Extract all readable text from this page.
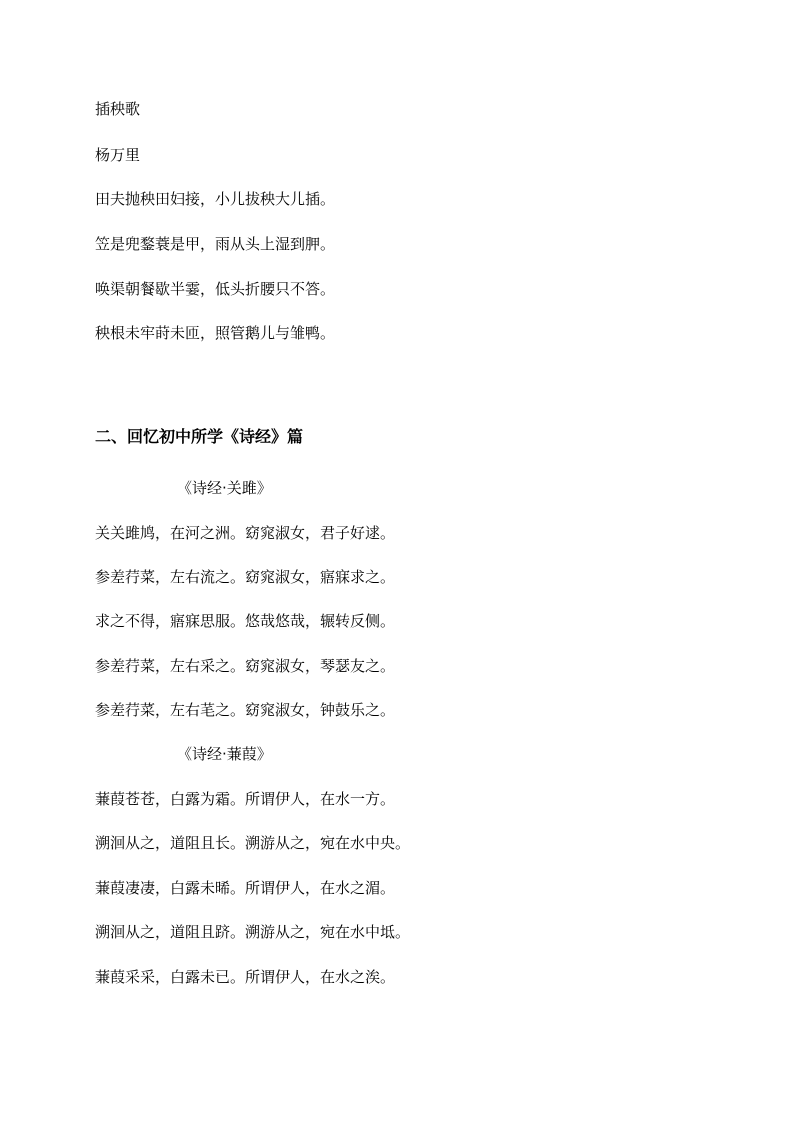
插秧歌

杨万里

田夫抛秧田妇接，小儿拔秧大儿插。

笠是兜鍪蓑是甲，雨从头上湿到胛。

唤渠朝餐歇半霎，低头折腰只不答。

秧根未牢莳未匝，照管鹅儿与雏鸭。

二、回忆初中所学《诗经》篇

《诗经·关雎》

关关雎鸠，在河之洲。窈窕淑女，君子好逑。

参差荇菜，左右流之。窈窕淑女，寤寐求之。

求之不得，寤寐思服。悠哉悠哉，辗转反侧。

参差荇菜，左右采之。窈窕淑女，琴瑟友之。

参差荇菜，左右芼之。窈窕淑女，钟鼓乐之。

《诗经·蒹葭》

蒹葭苍苍，白露为霜。所谓伊人，在水一方。

溯洄从之，道阻且长。溯游从之，宛在水中央。

蒹葭凄凄，白露未晞。所谓伊人，在水之湄。

溯洄从之，道阻且跻。溯游从之，宛在水中坻。

蒹葭采采，白露未已。所谓伊人，在水之涘。
